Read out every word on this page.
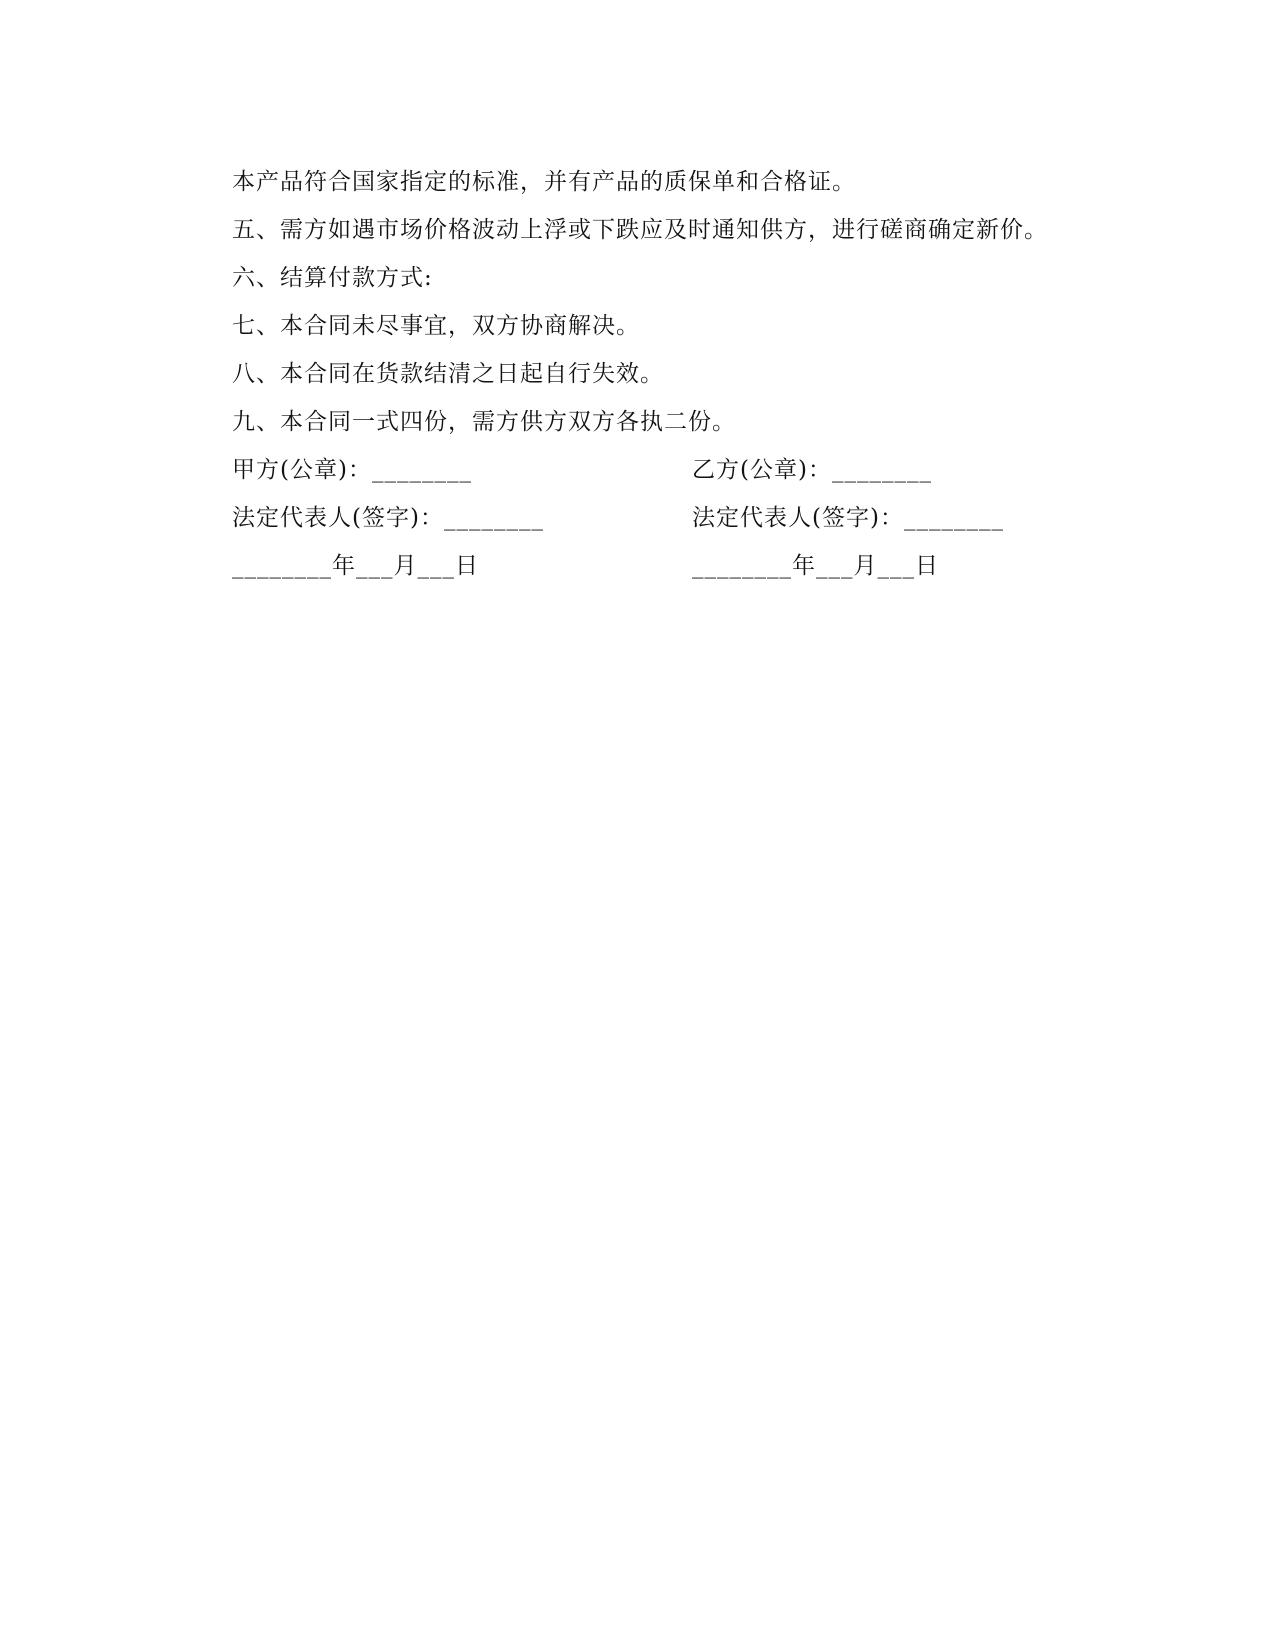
本产品符合国家指定的标准，并有产品的质保单和合格证。
五、需方如遇市场价格波动上浮或下跌应及时通知供方，进行磋商确定新价。
六、结算付款方式:
七、本合同未尽事宜，双方协商解决。
八、本合同在货款结清之日起自行失效。
九、本合同一式四份，需方供方双方各执二份。
甲方(公章)：________	乙方(公章)：________
法定代表人(签字)：________	法定代表人(签字)：________
________年___月___日	________年___月___日
